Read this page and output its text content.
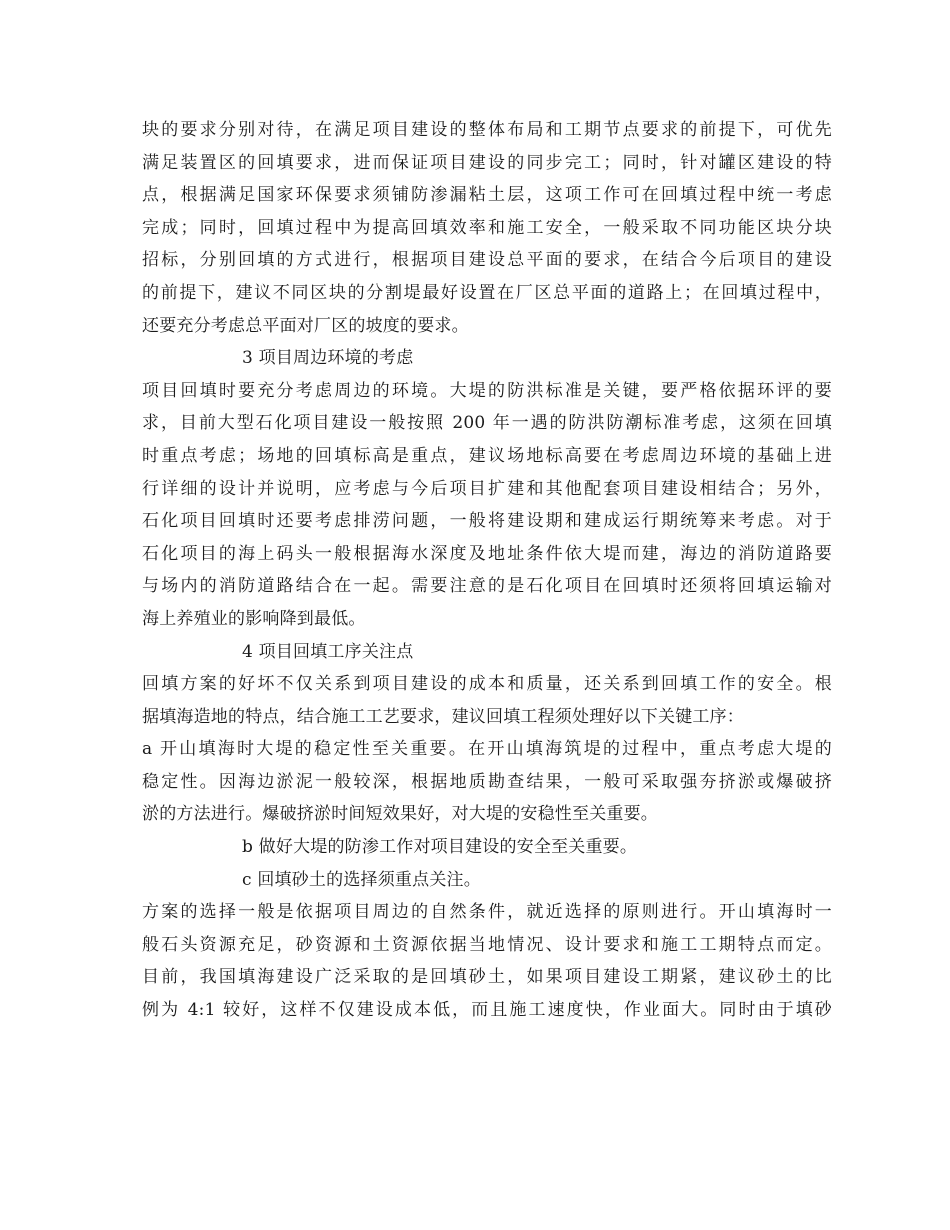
块的要求分别对待，在满足项目建设的整体布局和工期节点要求的前提下，可优先
满足装置区的回填要求，进而保证项目建设的同步完工；同时，针对罐区建设的特
点，根据满足国家环保要求须铺防渗漏粘土层，这项工作可在回填过程中统一考虑
完成；同时，回填过程中为提高回填效率和施工安全，一般采取不同功能区块分块
招标，分别回填的方式进行，根据项目建设总平面的要求，在结合今后项目的建设
的前提下，建议不同区块的分割堤最好设置在厂区总平面的道路上；在回填过程中，
还要充分考虑总平面对厂区的坡度的要求。
3 项目周边环境的考虑
项目回填时要充分考虑周边的环境。大堤的防洪标准是关键，要严格依据环评的要
求，目前大型石化项目建设一般按照 200 年一遇的防洪防潮标准考虑，这须在回填
时重点考虑；场地的回填标高是重点，建议场地标高要在考虑周边环境的基础上进
行详细的设计并说明，应考虑与今后项目扩建和其他配套项目建设相结合；另外，
石化项目回填时还要考虑排涝问题，一般将建设期和建成运行期统筹来考虑。对于
石化项目的海上码头一般根据海水深度及地址条件依大堤而建，海边的消防道路要
与场内的消防道路结合在一起。需要注意的是石化项目在回填时还须将回填运输对
海上养殖业的影响降到最低。
4 项目回填工序关注点
回填方案的好坏不仅关系到项目建设的成本和质量，还关系到回填工作的安全。根
据填海造地的特点，结合施工工艺要求，建议回填工程须处理好以下关键工序：
a 开山填海时大堤的稳定性至关重要。在开山填海筑堤的过程中，重点考虑大堤的
稳定性。因海边淤泥一般较深，根据地质勘查结果，一般可采取强夯挤淤或爆破挤
淤的方法进行。爆破挤淤时间短效果好，对大堤的安稳性至关重要。
b 做好大堤的防渗工作对项目建设的安全至关重要。
c 回填砂土的选择须重点关注。
方案的选择一般是依据项目周边的自然条件，就近选择的原则进行。开山填海时一
般石头资源充足，砂资源和土资源依据当地情况、设计要求和施工工期特点而定。
目前，我国填海建设广泛采取的是回填砂土，如果项目建设工期紧，建议砂土的比
例为 4:1 较好，这样不仅建设成本低，而且施工速度快，作业面大。同时由于填砂
